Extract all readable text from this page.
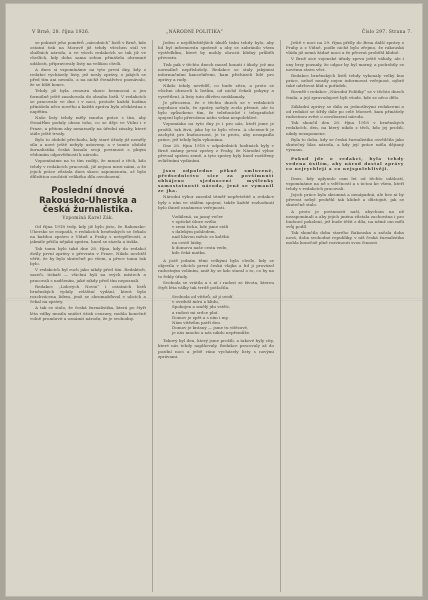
V Brně, 28. října 1926.	„NÁRODNÍ POLITIKA“	Číslo 297. Strana 7.

se pokusit jeho poměrů „národních“ listů v Brně, kde ostatní tisk na Moravě již tehdy všechen stál ve službách národa, a ve všech redakcích se tak již ve chvílích, kdy doba sama sebou přinášela ohromné události, připravovaly listy na velikou chvíli.

A dnes si vzpomínáme na tyto první dny, kdy z redakcí vycházely listy, jež nesly zprávy, o jakých se před tím ani nesnilo, a na nichž čtenářstvo poznávalo, že se blíží konec.

Tehdy již byla cenzura skoro bezmocná a jen formálně ještě zasahovala do obsahu listů. V redakcích se pracovalo ve dne i v noci, protože každá hodina přinášela něco nového a každá zpráva byla očekávána s napětím.

Naše listy tehdy měly mnoho práce s tím, aby čtenářům podaly obraz toho, co se děje ve Vídni i v Praze, a přitom aby nenarazily na úřední zásahy, které stále ještě trvaly.

Bylo to období přechodu, kdy staré úřady již neměly sílu a nové ještě nebyly ustaveny, a v tomto období žurnalistika česká konala svoji povinnost s plným vědomím odpovědnosti k národu.

Vzpomínáme na to tím raději, že mnozí z těch, kdo tehdy v redakcích pracovali, již nejsou mezi námi, a že jejich práce zůstala dnes skoro zapomenuta, ač byla důležitou součástí velikého díla osvobození.

Poslední dnové Rakousko-Uherska a česká žurnalistika.
Vzpomíná Karel Zák.

Od října 1918 tedy, kdy již bylo jisto, že Rakousko-Uhersko se rozpadá, v redakcích brněnských se čekalo na každou zprávu z Vídně a Prahy s netrpělivostí, a jakmile přišla nějaká zpráva, hned se sázela a tiskla.

Tak tomu bylo také dne 28. října, kdy do redakcí došly první zprávy o převratu v Praze. Nikdo nechtěl věřit, že by bylo skutečně po všem, a přece tomu tak bylo.

V redakcích byl ruch jako nikdy před tím. Redaktoři, sazeči, tiskaři — všichni byli na svých místech a pracovali s nadšením, jaké nikdy před tím nepoznali.

Redakce „Lidových Novin“ i ostatních listů brněnských vydaly zvláštní vydání, která byla rozchvácena lidem, jenž se shromažďoval v ulicích a čekal na zprávy.

A tak se stalo, že česká žurnalistika, která po čtyři léta války musila snášet útisk cenzury, mohla konečně volně promluvit a oznámit národu, že je svobodný.

Jeden z nejdůležitějších úkolů tisku tehdy bylo, aby lid byl informován správně a aby se zabránilo všem výstřelkům, které by mohly ohrozit klidný průběh převratu.

Tisk pak v těchto dnech musel konati i úkoly, jež mu normálně nepříslušely. Redakce se staly jakýmisi informačními kancelářemi, kam přicházeli lidé pro zprávy a rady.

Nikdo tehdy nevěděl, co bude zítra, a proto se všichni obraceli k listům, od nichž čekali pokyny a vysvětlení. A listy tuto důvěru nezklamaly.

Je přirozeno, že v těchto dnech se v redakcích nejednou stalo, že zprávy nebyly zcela přesné, ale to bylo způsobeno tím, že telefonické i telegrafické spojení bylo přerušeno nebo velmi nespolehlivé.

Vzpomínka na tyto dny je i pro nás, kteří jsme je prožili, tak živá, jako by to bylo včera. A chceme-li je zachytit pro budoucnost, je to proto, aby nezapadla práce, jež tehdy byla vykonána.

Dne 28. října 1918 v odpoledních hodinách byly v Brně známy první zprávy z Prahy, že Národní výbor převzal správu země, a tyto zprávy byly hned rozšířeny zvláštními vydáními.

Jsou odpoledne pěkně smluvené, předsednictvo sice za povšimnutí obhájeno sjednocení myšlenky samostatnosti národa, jenž se vymanil ze jha.

Národní výbor zasedal téměř nepřetržitě a redakce byly s ním ve stálém spojení, takže každé rozhodnutí bylo ihned oznámeno veřejnosti.

Vzdálená, za jasný večer

v optické úloze svého

v zemi ticha, kde jsme stáli

s dalekým pohledem,

nad hlavou měsíc se kolébá

na cestě lásky,

k domovu naše cesta vede,

kde čeká matka.

A jistě jedním těmi velkými byla chvíle, kdy se objevila v ulicích první česká vlajka a lid ji provázel radostným voláním, aniž by se kdo staral o to, co by na to řekly úřady.

Svoboda se vrátila a s ní i radost ze života, kterou čtyři léta války tak tvrdě potlačila.

Svoboda od vítězů, až ji uvidí

v ovzduší míru a klidu,

Spokojen a smělý jdu vstříc,

a radost mi srdce plní.

Domov je zpět a s ním i my,

Nám vítězům patří den.

Domov je krásný — jsme tu vítězové,

je nás mnoho a nás nikdo nepřemůže.

Takový byl den, který jsme prožili, a takové byly city, které nás tehdy naplňovaly. Redakce pracovaly až do pozdní noci a ještě ráno vycházely listy s novými zprávami.

Ještě v noci na 29. října přišly do Brna další zprávy z Prahy a z Vídně, podle nichž bylo zřejmo, že rakouská vláda již nemá žádné moci a že převrat proběhl klidně.

V Brně sice vojenské úřady zprvu ještě váhaly, ale i ony brzy poznaly, že odpor by byl marný, a podrobily se novému stavu věcí.

Redakce brněnských listů tehdy vykonaly velký kus práce, neboť musily nejen informovat veřejnost, nýbrž také udržovat klid a pořádek.

Rovněž i redakce „Národní Politiky“ se v těchto dnech činila, a její zpravodajové byli všude, kde se něco dělo.

Základní zprávy se dála za jednotlivými redakcemi a od redakcí se šířily dále po celé Moravě, kam přinášely radostnou zvěst o osvobození národa.

Tak skončil den 28. října 1918 v brněnských redakcích, den, na který nikdo z těch, kdo jej prožili, nikdy nezapomene.

Byla to doba, kdy se česká žurnalistika osvědčila jako skutečný hlas národa, a kdy její práce měla dějinný význam.

Pokud jde o redakci, byla tehdy vedena úsilím, aby národ dostal zprávy co nejrychleji a co nejspolehlivěji.

Dnes, kdy uplynulo osm let od těchto událostí, vzpomínáme na ně s vděčností a s úctou ke všem, kteří tehdy v redakcích pracovali.

Jejich práce byla skromná a nenápadná, ale bez ní by převrat nebyl proběhl tak klidně a důstojně, jak se skutečně stalo.

A proto je povinností naší, abychom na ně nezapomínali a aby jejich jména zůstala zachována i pro budoucí pokolení, jež bude těžit z díla, na němž oni měli svůj podíl.

Tak skončila doba starého Rakouska a začala doba nová, doba svobodné republiky, v níž česká žurnalistika mohla konečně plně rozvinouti svou činnost.
